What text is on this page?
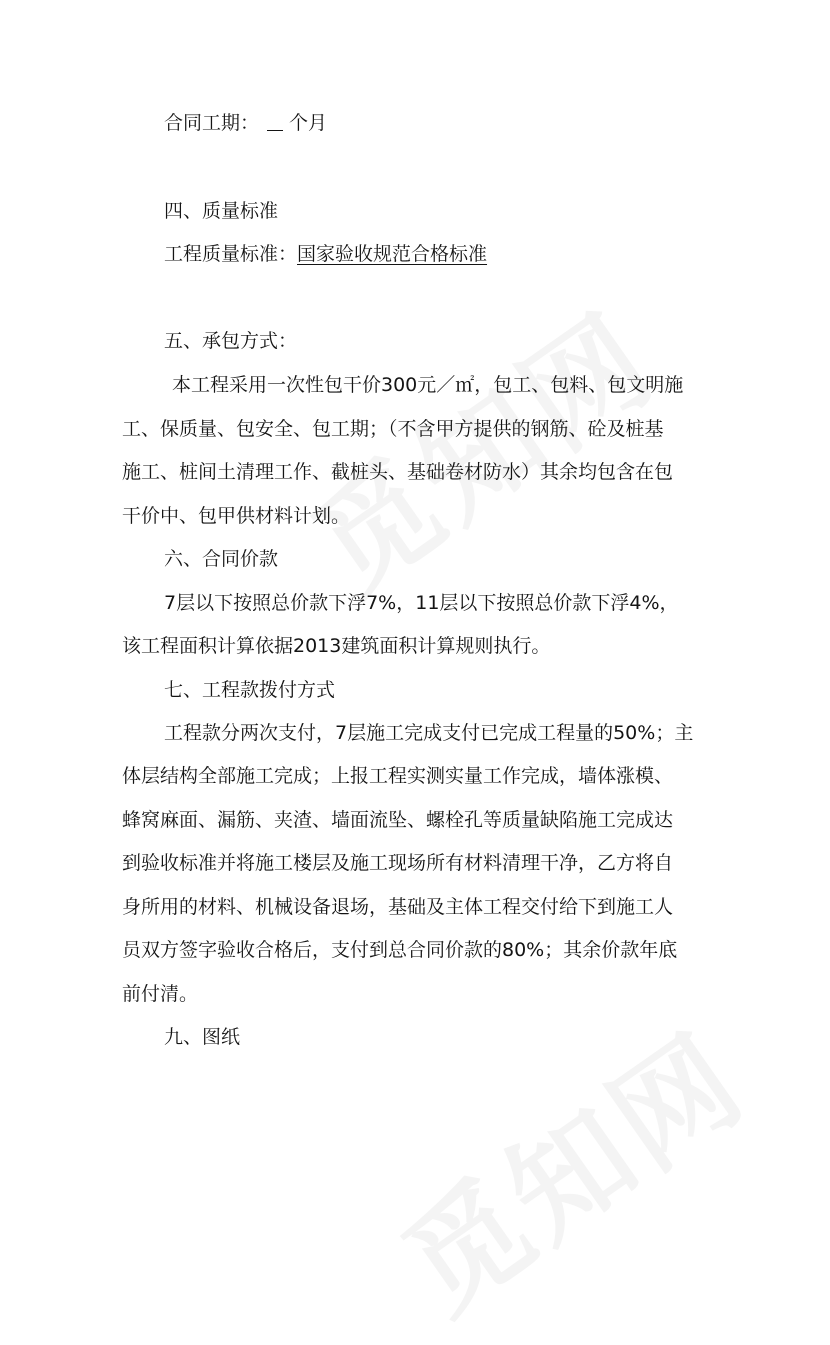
合同工期： 个月
四、质量标准
工程质量标准：国家验收规范合格标准
五、承包方式：
本工程采用一次性包干价300元／㎡，包工、包料、包文明施
工、保质量、包安全、包工期；（不含甲方提供的钢筋、砼及桩基
施工、桩间土清理工作、截桩头、基础卷材防水）其余均包含在包
干价中、包甲供材料计划。
六、合同价款
7层以下按照总价款下浮7%，11层以下按照总价款下浮4%，
该工程面积计算依据2013建筑面积计算规则执行。
七、工程款拨付方式
工程款分两次支付，7层施工完成支付已完成工程量的50%；主
体层结构全部施工完成；上报工程实测实量工作完成，墙体涨模、
蜂窝麻面、漏筋、夹渣、墙面流坠、螺栓孔等质量缺陷施工完成达
到验收标准并将施工楼层及施工现场所有材料清理干净，乙方将自
身所用的材料、机械设备退场，基础及主体工程交付给下到施工人
员双方签字验收合格后，支付到总合同价款的80%；其余价款年底
前付清。
九、图纸
